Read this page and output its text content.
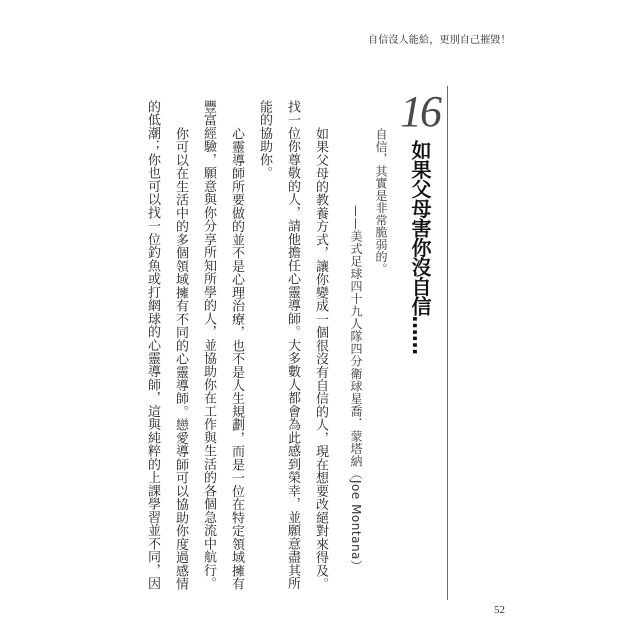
自信沒人能給，更別自己摧毀！
16
如果父母害你沒自信……
自信，其實是非常脆弱的。
——美式足球四十九人隊四分衛球星喬．蒙塔納（Joe Montana）
如果父母的教養方式，讓你變成一個很沒有自信的人，現在想要改絕對來得及。
找一位你尊敬的人，請他擔任心靈導師。大多數人都會為此感到榮幸，並願意盡其所
能的協助你。
心靈導師所要做的並不是心理治療，也不是人生規劃，而是一位在特定領域擁有
豐富經驗，願意與你分享所知所學的人，並協助你在工作與生活的各個急流中航行。
你可以在生活中的多個領域擁有不同的心靈導師。戀愛導師可以協助你度過感情
的低潮；你也可以找一位釣魚或打網球的心靈導師，這與純粹的上課學習並不同，因
52
